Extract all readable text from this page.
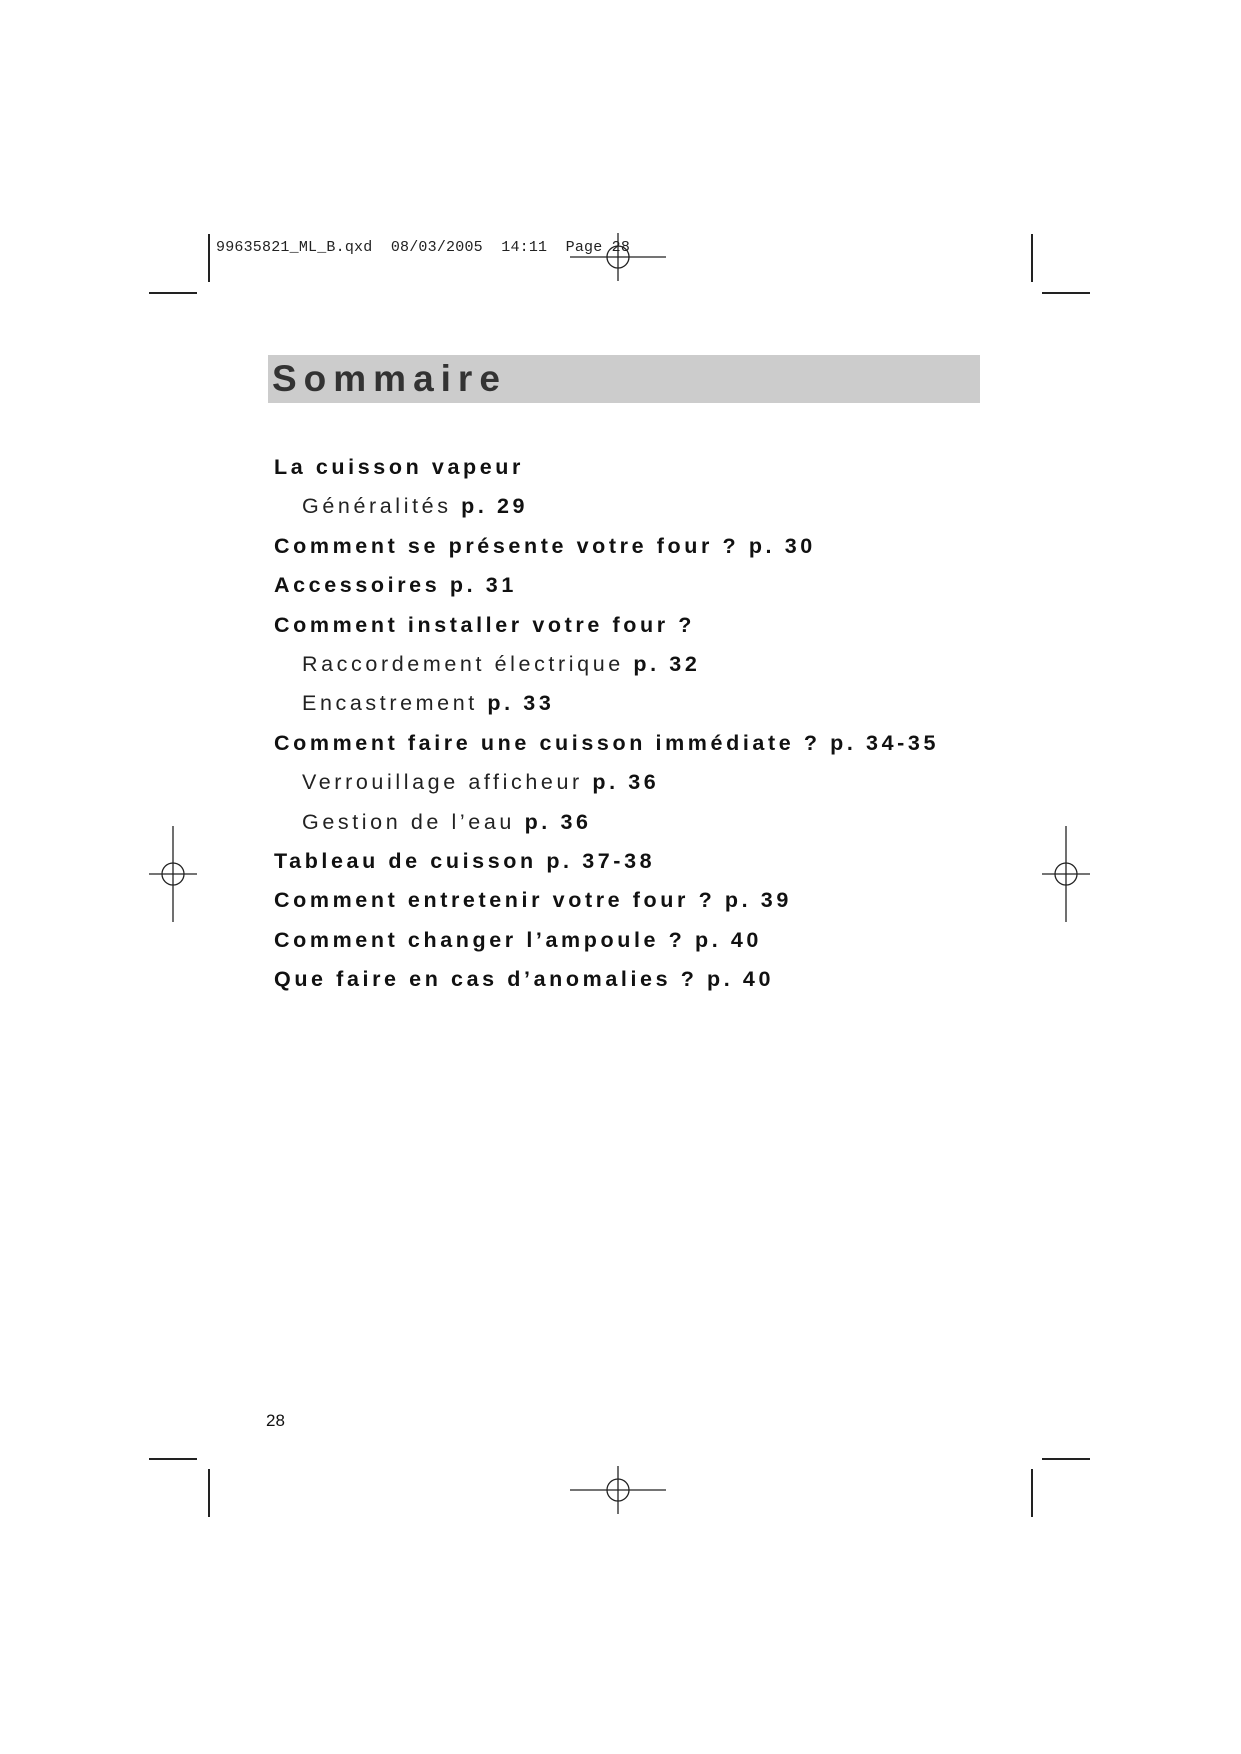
99635821_ML_B.qxd  08/03/2005  14:11  Page 28
Sommaire
La cuisson vapeur
Généralités p. 29
Comment se présente votre four ? p. 30
Accessoires p. 31
Comment installer votre four ?
Raccordement électrique p. 32
Encastrement p. 33
Comment faire une cuisson immédiate ? p. 34-35
Verrouillage afficheur p. 36
Gestion de l’eau p. 36
Tableau de cuisson p. 37-38
Comment entretenir votre four ? p. 39
Comment changer l’ampoule ? p. 40
Que faire en cas d’anomalies ? p. 40
28
